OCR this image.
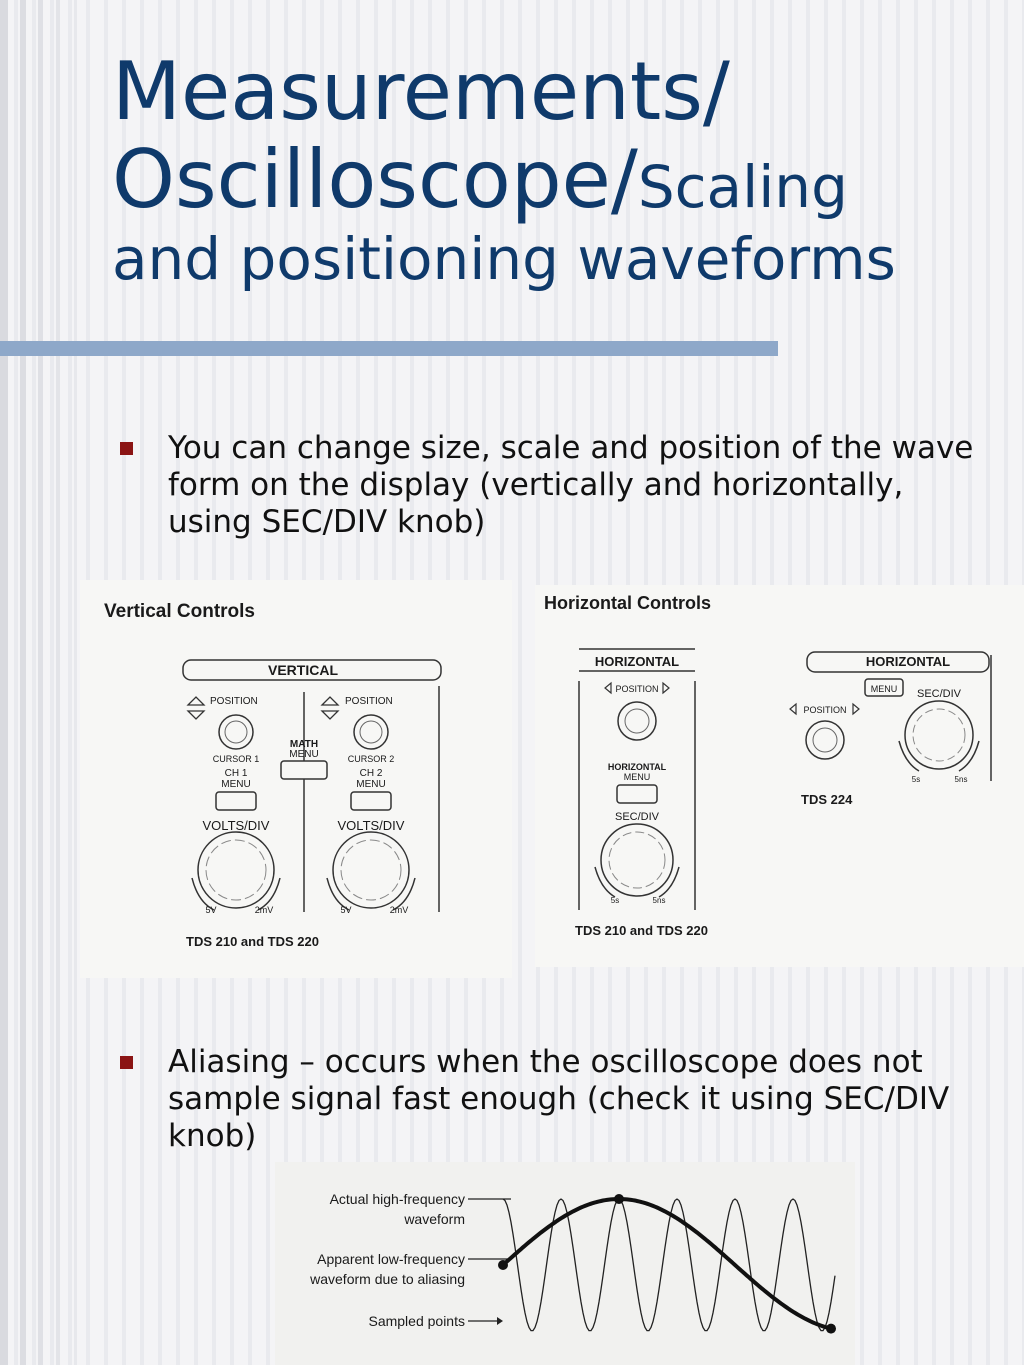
Measurements/
Oscilloscope/Scaling
and positioning waveforms
You can change size, scale and position of the wave form on the display (vertically and horizontally, using SEC/DIV knob)
Vertical Controls
VERTICAL
POSITION
CURSOR 1
CH 1
MENU
VOLTS/DIV
5V	2mV
MATH
MENU
POSITION
CURSOR 2
CH 2
MENU
VOLTS/DIV
5V	2mV
TDS 210 and TDS 220
Horizontal Controls
HORIZONTAL
POSITION
HORIZONTAL
MENU
SEC/DIV
5s	5ns
TDS 210 and TDS 220
HORIZONTAL
MENU SEC/DIV
5s	5ns
POSITION
TDS 224
Aliasing – occurs when the oscilloscope does not sample signal fast enough (check it using SEC/DIV knob)
Actual high-frequency
waveform
Apparent low-frequency
waveform due to aliasing
Sampled points
